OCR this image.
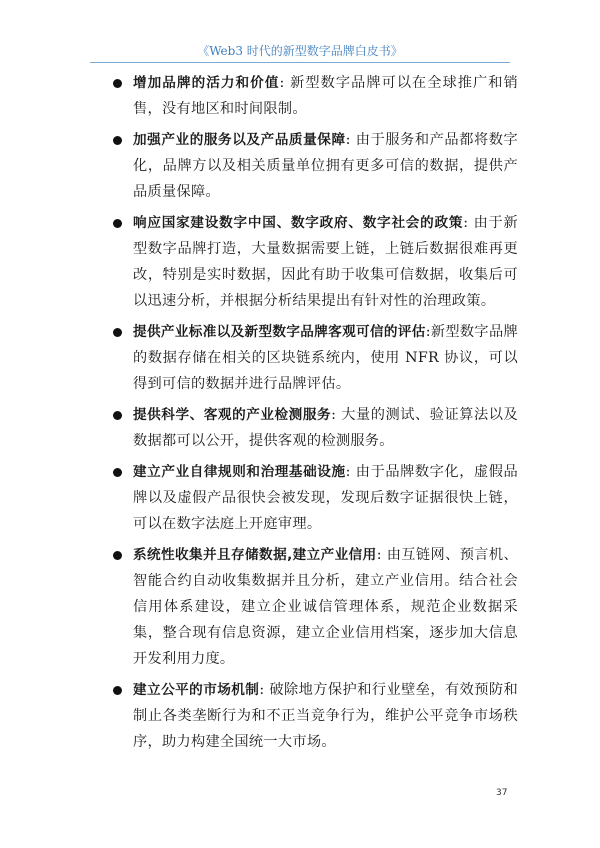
《Web3 时代的新型数字品牌白皮书》
增加品牌的活力和价值: 新型数字品牌可以在全球推广和销售，没有地区和时间限制。
加强产业的服务以及产品质量保障: 由于服务和产品都将数字化，品牌方以及相关质量单位拥有更多可信的数据，提供产品质量保障。
响应国家建设数字中国、数字政府、数字社会的政策: 由于新型数字品牌打造，大量数据需要上链，上链后数据很难再更改，特别是实时数据，因此有助于收集可信数据，收集后可以迅速分析，并根据分析结果提出有针对性的治理政策。
提供产业标准以及新型数字品牌客观可信的评估:新型数字品牌的数据存储在相关的区块链系统内，使用 NFR 协议，可以得到可信的数据并进行品牌评估。
提供科学、客观的产业检测服务: 大量的测试、验证算法以及数据都可以公开，提供客观的检测服务。
建立产业自律规则和治理基础设施: 由于品牌数字化，虚假品牌以及虚假产品很快会被发现，发现后数字证据很快上链，可以在数字法庭上开庭审理。
系统性收集并且存储数据,建立产业信用: 由互链网、预言机、智能合约自动收集数据并且分析，建立产业信用。结合社会信用体系建设，建立企业诚信管理体系，规范企业数据采集，整合现有信息资源，建立企业信用档案，逐步加大信息开发利用力度。
建立公平的市场机制: 破除地方保护和行业壁垒，有效预防和制止各类垄断行为和不正当竞争行为，维护公平竞争市场秩序，助力构建全国统一大市场。
37
